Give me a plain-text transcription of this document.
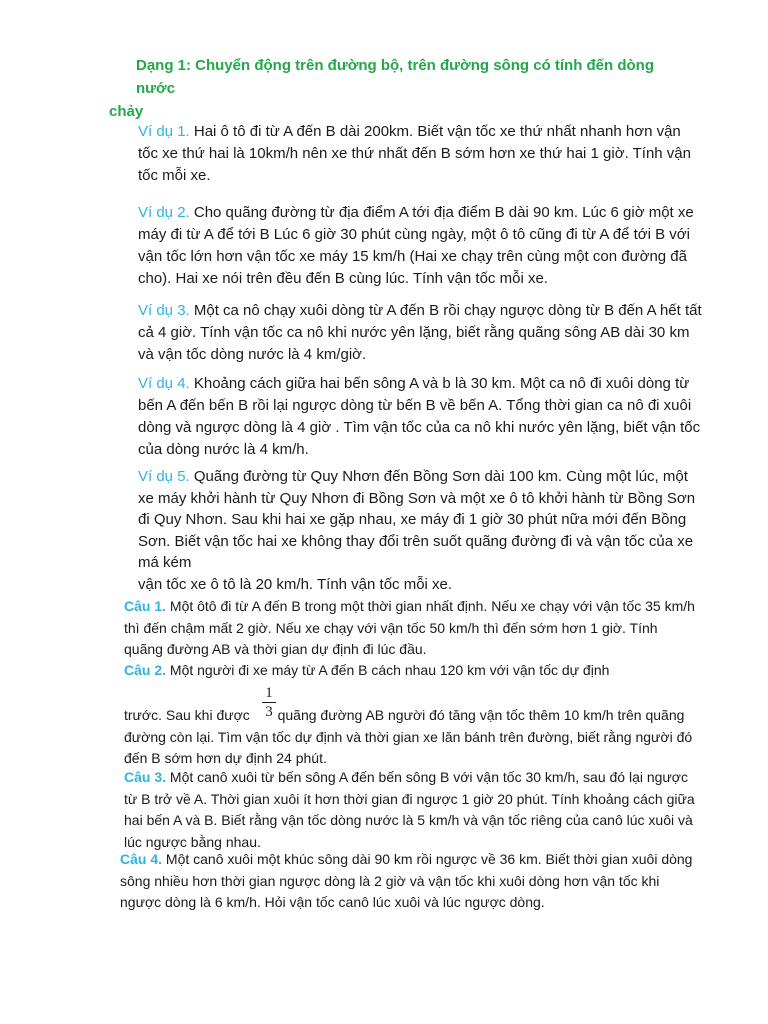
Dạng 1: Chuyển động trên đường bộ, trên đường sông có tính đến dòng nước
chảy

Ví dụ 1. Hai ô tô đi từ A đến B dài 200km. Biết vận tốc xe thứ nhất nhanh hơn vận tốc xe thứ hai là 10km/h nên xe thứ nhất đến B sớm hơn xe thứ hai 1 giờ. Tính vận tốc mỗi xe.

Ví dụ 2. Cho quãng đường từ địa điểm A tới địa điểm B dài 90 km. Lúc 6 giờ một xe máy đi từ A để tới B Lúc 6 giờ 30 phút cùng ngày, một ô tô cũng đi từ A để tới B với vận tốc lớn hơn vận tốc xe máy 15 km/h (Hai xe chạy trên cùng một con đường đã cho). Hai xe nói trên đều đến B cùng lúc. Tính vận tốc mỗi xe.

Ví dụ 3. Một ca nô chạy xuôi dòng từ A đến B rồi chạy ngược dòng từ B đến A hết tất cả 4 giờ. Tính vận tốc ca nô khi nước yên lặng, biết rằng quãng sông AB dài 30 km và vận tốc dòng nước là 4 km/giờ.

Ví dụ 4. Khoảng cách giữa hai bến sông A và b là 30 km. Một ca nô đi xuôi dòng từ bến A đến bến B rồi lại ngược dòng từ bến B về bến A. Tổng thời gian ca nô đi xuôi dòng và ngược dòng là 4 giờ . Tìm vận tốc của ca nô khi nước yên lặng, biết vận tốc của dòng nước là 4 km/h.

Ví dụ 5. Quãng đường từ Quy Nhơn đến Bồng Sơn dài 100 km. Cùng một lúc, một xe máy khởi hành từ Quy Nhơn đi Bồng Sơn và một xe ô tô khởi hành từ Bồng Sơn đi Quy Nhơn. Sau khi hai xe gặp nhau, xe máy đi 1 giờ 30 phút nữa mới đến Bồng Sơn. Biết vận tốc hai xe không thay đổi trên suốt quãng đường đi và vận tốc của xe má kém
vận tốc xe ô tô là 20 km/h. Tính vận tốc mỗi xe.

Câu 1. Một ôtô đi từ A đến B trong một thời gian nhất định. Nếu xe chạy với vận tốc 35 km/h thì đến chậm mất 2 giờ. Nếu xe chạy với vận tốc 50 km/h thì đến sớm hơn 1 giờ. Tính quãng đường AB và thời gian dự định đi lúc đầu.

Câu 2. Một người đi xe máy từ A đến B cách nhau 120 km với vận tốc dự định

$\frac{1}{3}$

trước. Sau khi được  quãng đường AB người đó tăng vận tốc thêm 10 km/h trên quãng đường còn lại. Tìm vận tốc dự định và thời gian xe lăn bánh trên đường, biết rằng người đó đến B sớm hơn dự định 24 phút.

Câu 3. Một canô xuôi từ bến sông A đến bến sông B với vận tốc 30 km/h, sau đó lại ngược từ B trở về A. Thời gian xuôi ít hơn thời gian đi ngược 1 giờ 20 phút. Tính khoảng cách giữa hai bến A và B. Biết rằng vận tốc dòng nước là 5 km/h và vận tốc riêng của canô lúc xuôi và lúc ngược bằng nhau.

Câu 4. Một canô xuôi một khúc sông dài 90 km rồi ngược về 36 km. Biết thời gian xuôi dòng sông nhiều hơn thời gian ngược dòng là 2 giờ và vận tốc khi xuôi dòng hơn vận tốc khi ngược dòng là 6 km/h. Hỏi vận tốc canô lúc xuôi và lúc ngược dòng.
